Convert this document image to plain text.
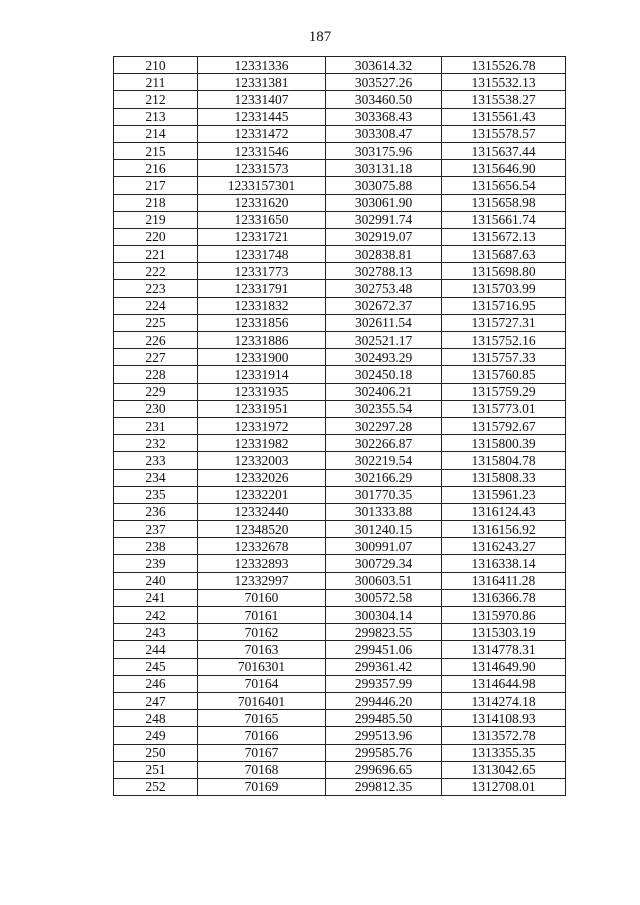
187
210	12331336	303614.32	1315526.78
211	12331381	303527.26	1315532.13
212	12331407	303460.50	1315538.27
213	12331445	303368.43	1315561.43
214	12331472	303308.47	1315578.57
215	12331546	303175.96	1315637.44
216	12331573	303131.18	1315646.90
217	1233157301	303075.88	1315656.54
218	12331620	303061.90	1315658.98
219	12331650	302991.74	1315661.74
220	12331721	302919.07	1315672.13
221	12331748	302838.81	1315687.63
222	12331773	302788.13	1315698.80
223	12331791	302753.48	1315703.99
224	12331832	302672.37	1315716.95
225	12331856	302611.54	1315727.31
226	12331886	302521.17	1315752.16
227	12331900	302493.29	1315757.33
228	12331914	302450.18	1315760.85
229	12331935	302406.21	1315759.29
230	12331951	302355.54	1315773.01
231	12331972	302297.28	1315792.67
232	12331982	302266.87	1315800.39
233	12332003	302219.54	1315804.78
234	12332026	302166.29	1315808.33
235	12332201	301770.35	1315961.23
236	12332440	301333.88	1316124.43
237	12348520	301240.15	1316156.92
238	12332678	300991.07	1316243.27
239	12332893	300729.34	1316338.14
240	12332997	300603.51	1316411.28
241	70160	300572.58	1316366.78
242	70161	300304.14	1315970.86
243	70162	299823.55	1315303.19
244	70163	299451.06	1314778.31
245	7016301	299361.42	1314649.90
246	70164	299357.99	1314644.98
247	7016401	299446.20	1314274.18
248	70165	299485.50	1314108.93
249	70166	299513.96	1313572.78
250	70167	299585.76	1313355.35
251	70168	299696.65	1313042.65
252	70169	299812.35	1312708.01
